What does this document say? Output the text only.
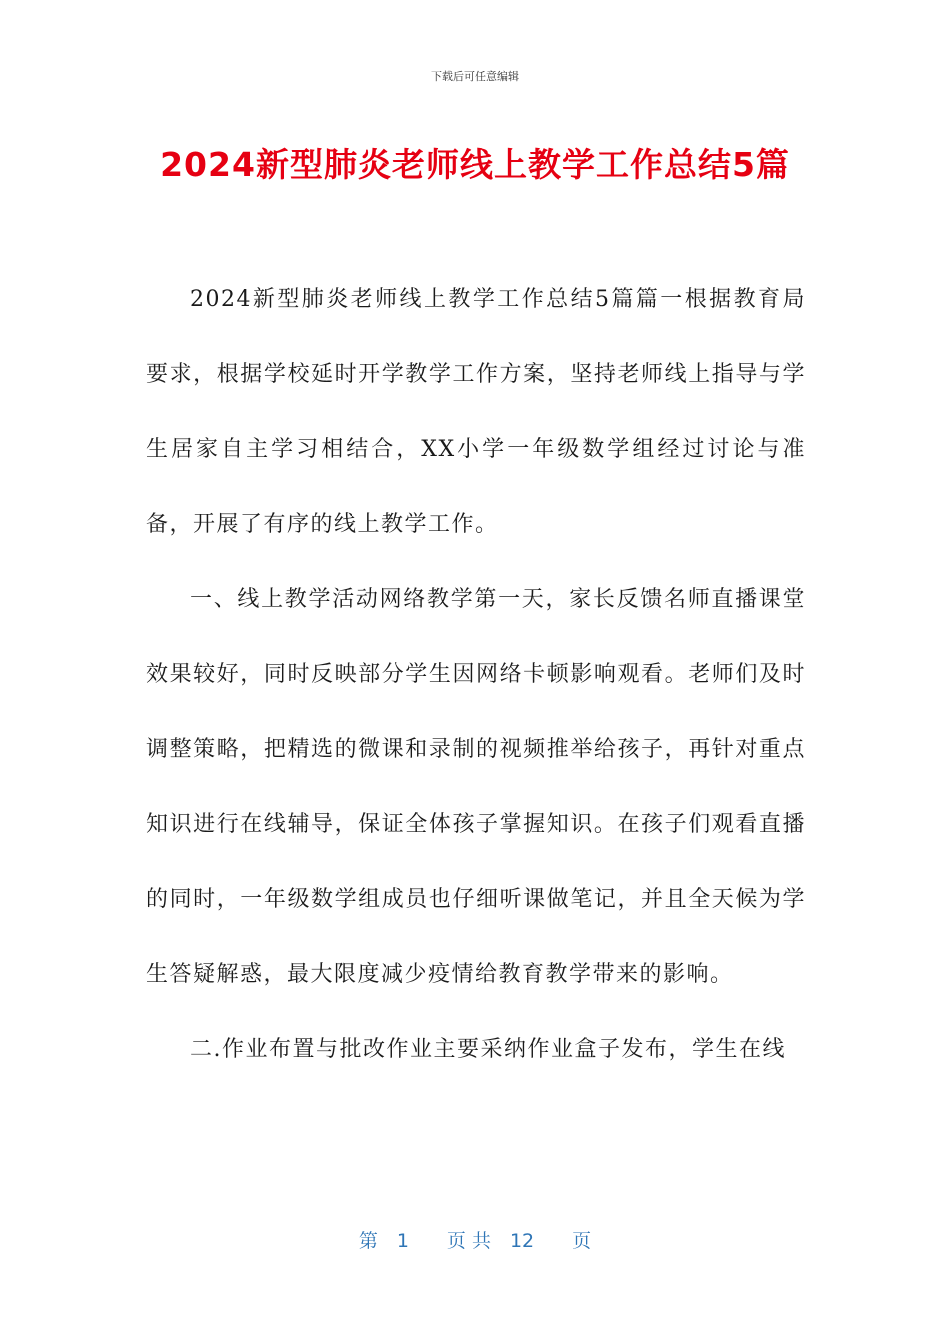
下载后可任意编辑
2024新型肺炎老师线上教学工作总结5篇

2024新型肺炎老师线上教学工作总结5篇篇一根据教育局要求，根据学校延时开学教学工作方案，坚持老师线上指导与学生居家自主学习相结合，XX小学一年级数学组经过讨论与准备，开展了有序的线上教学工作。

一、线上教学活动网络教学第一天，家长反馈名师直播课堂效果较好，同时反映部分学生因网络卡顿影响观看。老师们及时调整策略，把精选的微课和录制的视频推举给孩子，再针对重点知识进行在线辅导，保证全体孩子掌握知识。在孩子们观看直播的同时，一年级数学组成员也仔细听课做笔记，并且全天候为学生答疑解惑，最大限度减少疫情给教育教学带来的影响。

二.作业布置与批改作业主要采纳作业盒子发布，学生在线

第　1　　页 共　12　　页
